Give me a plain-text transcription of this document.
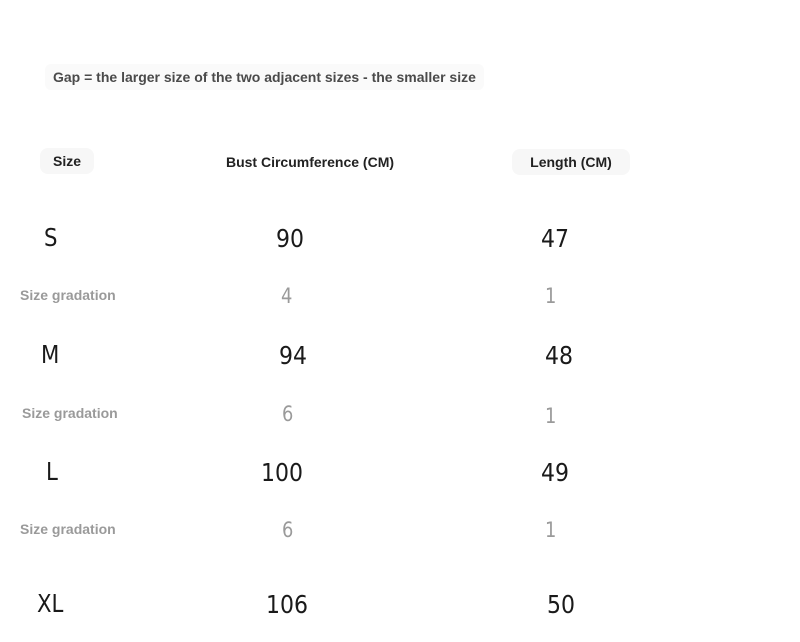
Gap = the larger size of the two adjacent sizes - the smaller size
Size	Bust Circumference (CM)	Length (CM)
S	90	47
Size gradation	4	1
M	94	48
Size gradation	6	1
L	100	49
Size gradation	6	1
XL	106	50
